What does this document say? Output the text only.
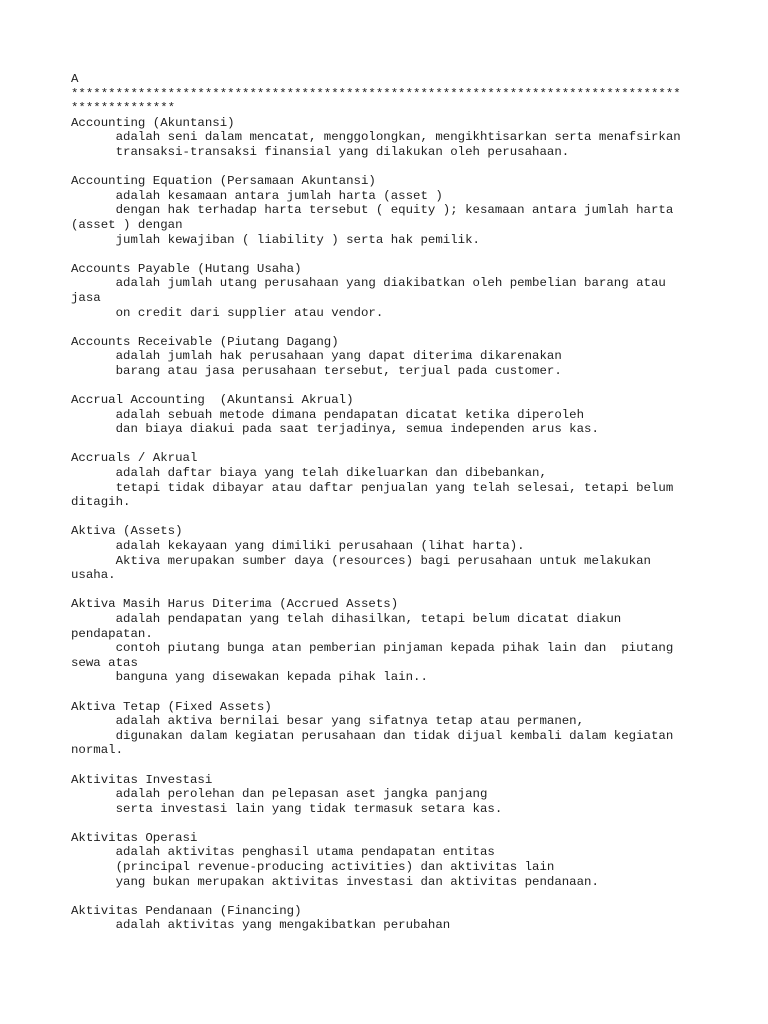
A
**********************************************************************************
**************
Accounting (Akuntansi)
adalah seni dalam mencatat, menggolongkan, mengikhtisarkan serta menafsirkan
transaksi-transaksi finansial yang dilakukan oleh perusahaan.
Accounting Equation (Persamaan Akuntansi)
adalah kesamaan antara jumlah harta (asset )
dengan hak terhadap harta tersebut ( equity ); kesamaan antara jumlah harta
(asset ) dengan
jumlah kewajiban ( liability ) serta hak pemilik.
Accounts Payable (Hutang Usaha)
adalah jumlah utang perusahaan yang diakibatkan oleh pembelian barang atau
jasa
on credit dari supplier atau vendor.
Accounts Receivable (Piutang Dagang)
adalah jumlah hak perusahaan yang dapat diterima dikarenakan
barang atau jasa perusahaan tersebut, terjual pada customer.
Accrual Accounting  (Akuntansi Akrual)
adalah sebuah metode dimana pendapatan dicatat ketika diperoleh
dan biaya diakui pada saat terjadinya, semua independen arus kas.
Accruals / Akrual
adalah daftar biaya yang telah dikeluarkan dan dibebankan,
tetapi tidak dibayar atau daftar penjualan yang telah selesai, tetapi belum
ditagih.
Aktiva (Assets)
adalah kekayaan yang dimiliki perusahaan (lihat harta).
Aktiva merupakan sumber daya (resources) bagi perusahaan untuk melakukan
usaha.
Aktiva Masih Harus Diterima (Accrued Assets)
adalah pendapatan yang telah dihasilkan, tetapi belum dicatat diakun
pendapatan.
contoh piutang bunga atan pemberian pinjaman kepada pihak lain dan  piutang
sewa atas
banguna yang disewakan kepada pihak lain..
Aktiva Tetap (Fixed Assets)
adalah aktiva bernilai besar yang sifatnya tetap atau permanen,
digunakan dalam kegiatan perusahaan dan tidak dijual kembali dalam kegiatan
normal.
Aktivitas Investasi
adalah perolehan dan pelepasan aset jangka panjang
serta investasi lain yang tidak termasuk setara kas.
Aktivitas Operasi
adalah aktivitas penghasil utama pendapatan entitas
(principal revenue-producing activities) dan aktivitas lain
yang bukan merupakan aktivitas investasi dan aktivitas pendanaan.
Aktivitas Pendanaan (Financing)
adalah aktivitas yang mengakibatkan perubahan
